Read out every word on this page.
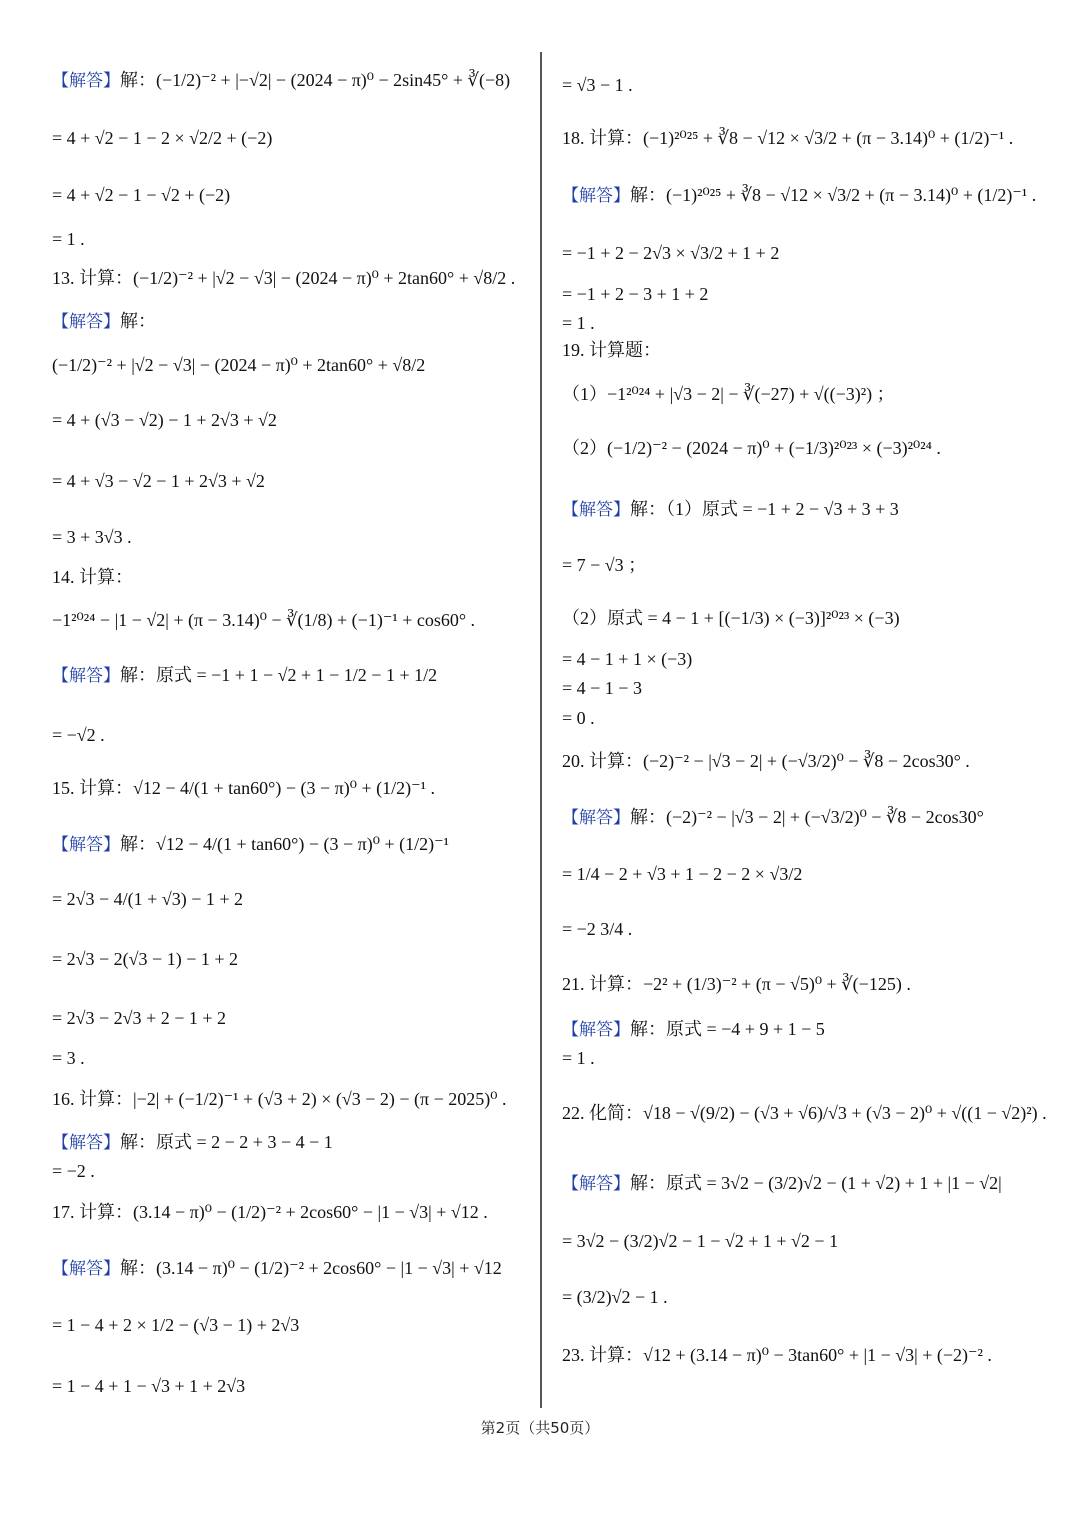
【解答】解：(−1/2)⁻² + |−√2| − (2024 − π)⁰ − 2sin45° + ∛(−8)
= 4 + √2 − 1 − 2 × √2/2 + (−2)
= 4 + √2 − 1 − √2 + (−2)
= 1 .
13. 计算：(−1/2)⁻² + |√2 − √3| − (2024 − π)⁰ + 2tan60° + √8/2 .
【解答】解：
(−1/2)⁻² + |√2 − √3| − (2024 − π)⁰ + 2tan60° + √8/2
= 4 + (√3 − √2) − 1 + 2√3 + √2
= 4 + √3 − √2 − 1 + 2√3 + √2
= 3 + 3√3 .
14. 计算：
−1²⁰²⁴ − |1 − √2| + (π − 3.14)⁰ − ∛(1/8) + (−1)⁻¹ + cos60° .
【解答】解：原式 = −1 + 1 − √2 + 1 − 1/2 − 1 + 1/2
= −√2 .
15. 计算：√12 − 4/(1 + tan60°) − (3 − π)⁰ + (1/2)⁻¹ .
【解答】解：√12 − 4/(1 + tan60°) − (3 − π)⁰ + (1/2)⁻¹
= 2√3 − 4/(1 + √3) − 1 + 2
= 2√3 − 2(√3 − 1) − 1 + 2
= 2√3 − 2√3 + 2 − 1 + 2
= 3 .
16. 计算：|−2| + (−1/2)⁻¹ + (√3 + 2) × (√3 − 2) − (π − 2025)⁰ .
【解答】解：原式 = 2 − 2 + 3 − 4 − 1
= −2 .
17. 计算：(3.14 − π)⁰ − (1/2)⁻² + 2cos60° − |1 − √3| + √12 .
【解答】解：(3.14 − π)⁰ − (1/2)⁻² + 2cos60° − |1 − √3| + √12
= 1 − 4 + 2 × 1/2 − (√3 − 1) + 2√3
= 1 − 4 + 1 − √3 + 1 + 2√3
= √3 − 1 .
18. 计算：(−1)²⁰²⁵ + ∛8 − √12 × √3/2 + (π − 3.14)⁰ + (1/2)⁻¹ .
【解答】解：(−1)²⁰²⁵ + ∛8 − √12 × √3/2 + (π − 3.14)⁰ + (1/2)⁻¹ .
= −1 + 2 − 2√3 × √3/2 + 1 + 2
= −1 + 2 − 3 + 1 + 2
= 1 .
19. 计算题：
（1）−1²⁰²⁴ + |√3 − 2| − ∛(−27) + √((−3)²) ；
（2）(−1/2)⁻² − (2024 − π)⁰ + (−1/3)²⁰²³ × (−3)²⁰²⁴ .
【解答】解：（1）原式 = −1 + 2 − √3 + 3 + 3
= 7 − √3 ；
（2）原式 = 4 − 1 + [(−1/3) × (−3)]²⁰²³ × (−3)
= 4 − 1 + 1 × (−3)
= 4 − 1 − 3
= 0 .
20. 计算：(−2)⁻² − |√3 − 2| + (−√3/2)⁰ − ∛8 − 2cos30° .
【解答】解：(−2)⁻² − |√3 − 2| + (−√3/2)⁰ − ∛8 − 2cos30°
= 1/4 − 2 + √3 + 1 − 2 − 2 × √3/2
= −2 3/4 .
21. 计算：−2² + (1/3)⁻² + (π − √5)⁰ + ∛(−125) .
【解答】解：原式 = −4 + 9 + 1 − 5
= 1 .
22. 化简：√18 − √(9/2) − (√3 + √6)/√3 + (√3 − 2)⁰ + √((1 − √2)²) .
【解答】解：原式 = 3√2 − (3/2)√2 − (1 + √2) + 1 + |1 − √2|
= 3√2 − (3/2)√2 − 1 − √2 + 1 + √2 − 1
= (3/2)√2 − 1 .
23. 计算：√12 + (3.14 − π)⁰ − 3tan60° + |1 − √3| + (−2)⁻² .
第2页（共50页）
